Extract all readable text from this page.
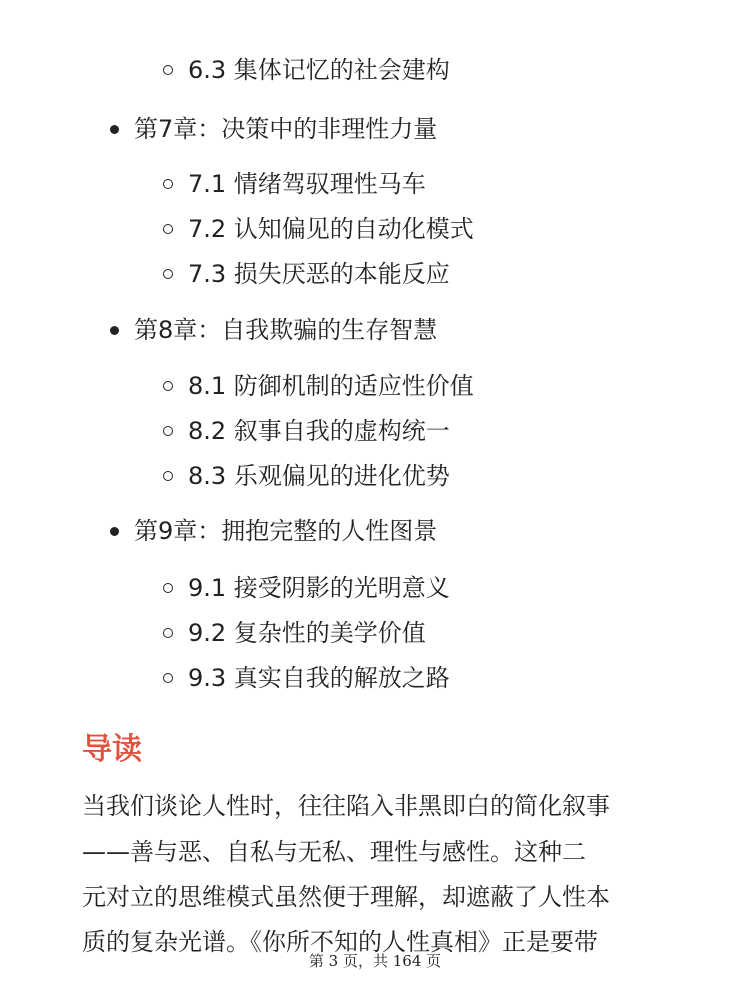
6.3 集体记忆的社会建构
第7章：决策中的非理性力量
7.1 情绪驾驭理性马车
7.2 认知偏见的自动化模式
7.3 损失厌恶的本能反应
第8章：自我欺骗的生存智慧
8.1 防御机制的适应性价值
8.2 叙事自我的虚构统一
8.3 乐观偏见的进化优势
第9章：拥抱完整的人性图景
9.1 接受阴影的光明意义
9.2 复杂性的美学价值
9.3 真实自我的解放之路
导读
当我们谈论人性时，往往陷入非黑即白的简化叙事
——善与恶、自私与无私、理性与感性。这种二
元对立的思维模式虽然便于理解，却遮蔽了人性本
质的复杂光谱。《你所不知的人性真相》正是要带
第 3 页，共 164 页
